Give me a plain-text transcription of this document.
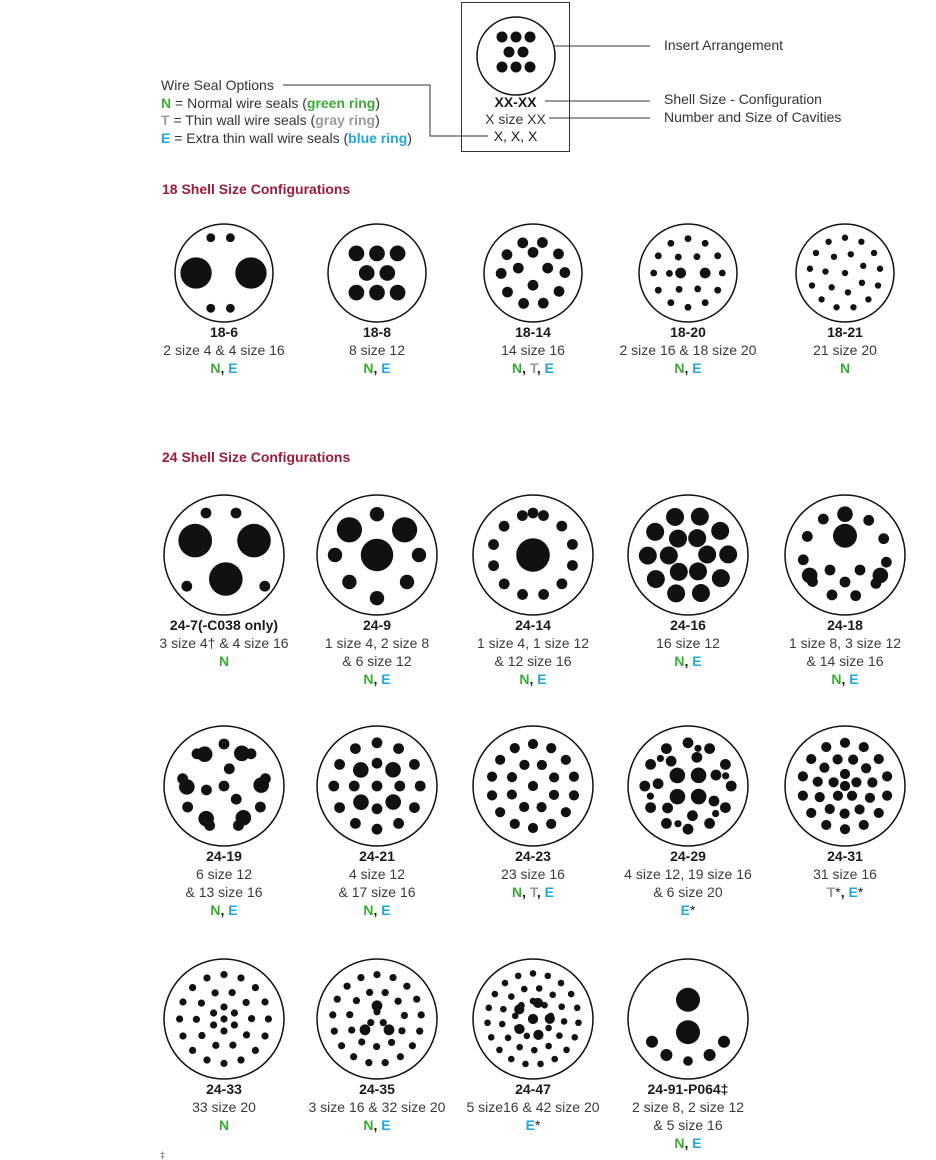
Wire Seal Options
N = Normal wire seals (green ring)
T = Thin wall wire seals (gray ring)
E = Extra thin wall wire seals (blue ring)
XX-XX
X size XX
X, X, X
Insert Arrangement
Shell Size - Configuration
Number and Size of Cavities
18 Shell Size Configurations
24 Shell Size Configurations
18-6
2 size 4 & 4 size 16
N, E
18-8
8 size 12
N, E
18-14
14 size 16
N, T, E
18-20
2 size 16 & 18 size 20
N, E
18-21
21 size 20
N
24-7(-C038 only)
3 size 4† & 4 size 16
N
24-9
1 size 4, 2 size 8
& 6 size 12
N, E
24-14
1 size 4, 1 size 12
& 12 size 16
N, E
24-16
16 size 12
N, E
24-18
1 size 8, 3 size 12
& 14 size 16
N, E
24-19
6 size 12
& 13 size 16
N, E
24-21
4 size 12
& 17 size 16
N, E
24-23
23 size 16
N, T, E
24-29
4 size 12, 19 size 16
& 6 size 20
E*
24-31
31 size 16
T*, E*
24-33
33 size 20
N
24-35
3 size 16 & 32 size 20
N, E
24-47
5 size16 & 42 size 20
E*
24-91-P064‡
2 size 8, 2 size 12
& 5 size 16
N, E
‡
